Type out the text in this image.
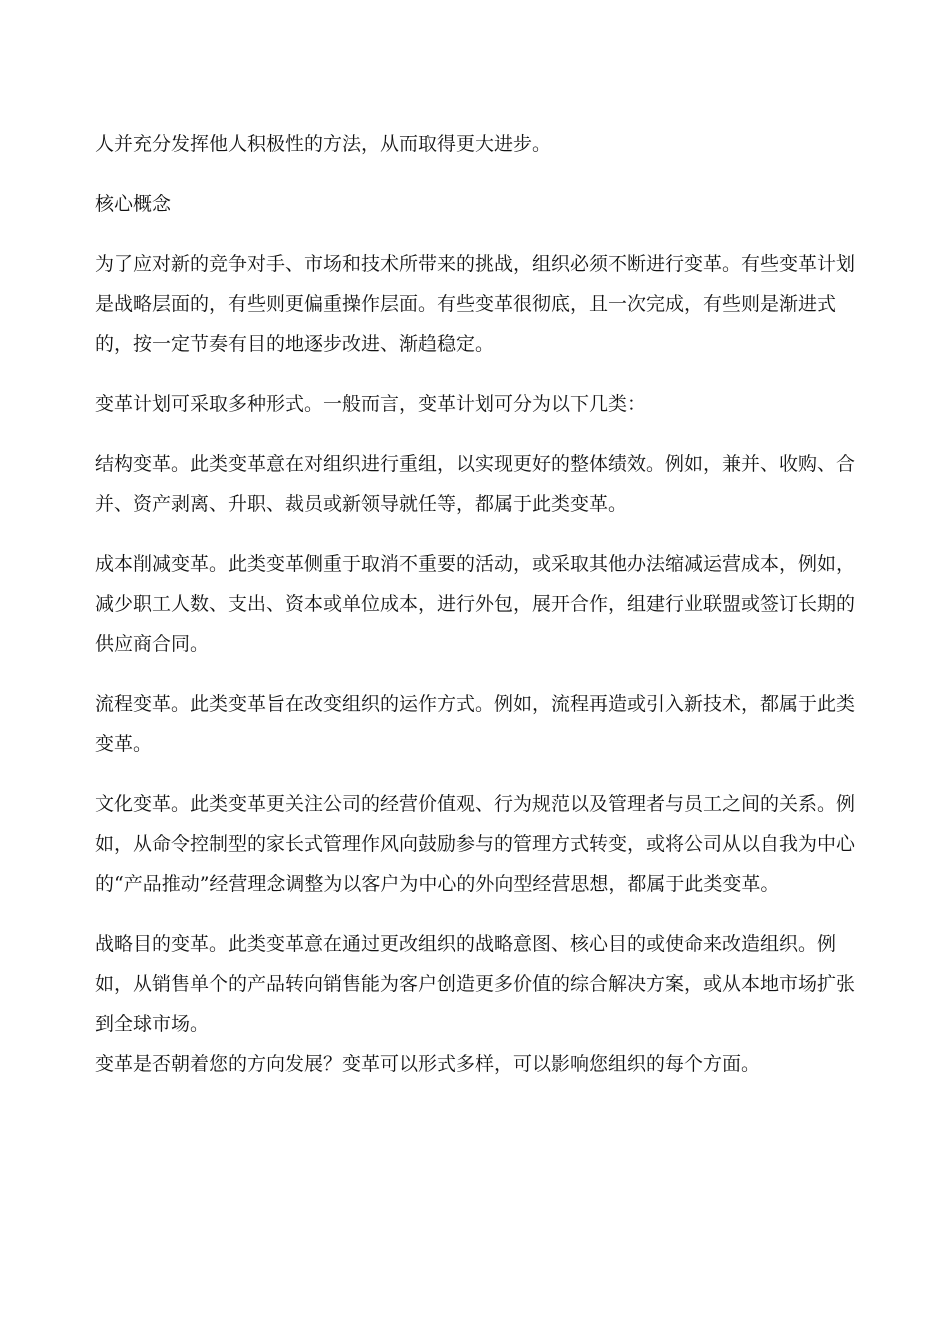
人并充分发挥他人积极性的方法，从而取得更大进步。

核心概念

为了应对新的竞争对手、市场和技术所带来的挑战，组织必须不断进行变革。有些变革计划是战略层面的，有些则更偏重操作层面。有些变革很彻底，且一次完成，有些则是渐进式的，按一定节奏有目的地逐步改进、渐趋稳定。

变革计划可采取多种形式。一般而言，变革计划可分为以下几类：

结构变革。此类变革意在对组织进行重组，以实现更好的整体绩效。例如，兼并、收购、合并、资产剥离、升职、裁员或新领导就任等，都属于此类变革。

成本削减变革。此类变革侧重于取消不重要的活动，或采取其他办法缩减运营成本，例如，减少职工人数、支出、资本或单位成本，进行外包，展开合作，组建行业联盟或签订长期的供应商合同。

流程变革。此类变革旨在改变组织的运作方式。例如，流程再造或引入新技术，都属于此类变革。

文化变革。此类变革更关注公司的经营价值观、行为规范以及管理者与员工之间的关系。例如，从命令控制型的家长式管理作风向鼓励参与的管理方式转变，或将公司从以自我为中心的“产品推动”经营理念调整为以客户为中心的外向型经营思想，都属于此类变革。

战略目的变革。此类变革意在通过更改组织的战略意图、核心目的或使命来改造组织。例如，从销售单个的产品转向销售能为客户创造更多价值的综合解决方案，或从本地市场扩张到全球市场。

变革是否朝着您的方向发展？变革可以形式多样，可以影响您组织的每个方面。
